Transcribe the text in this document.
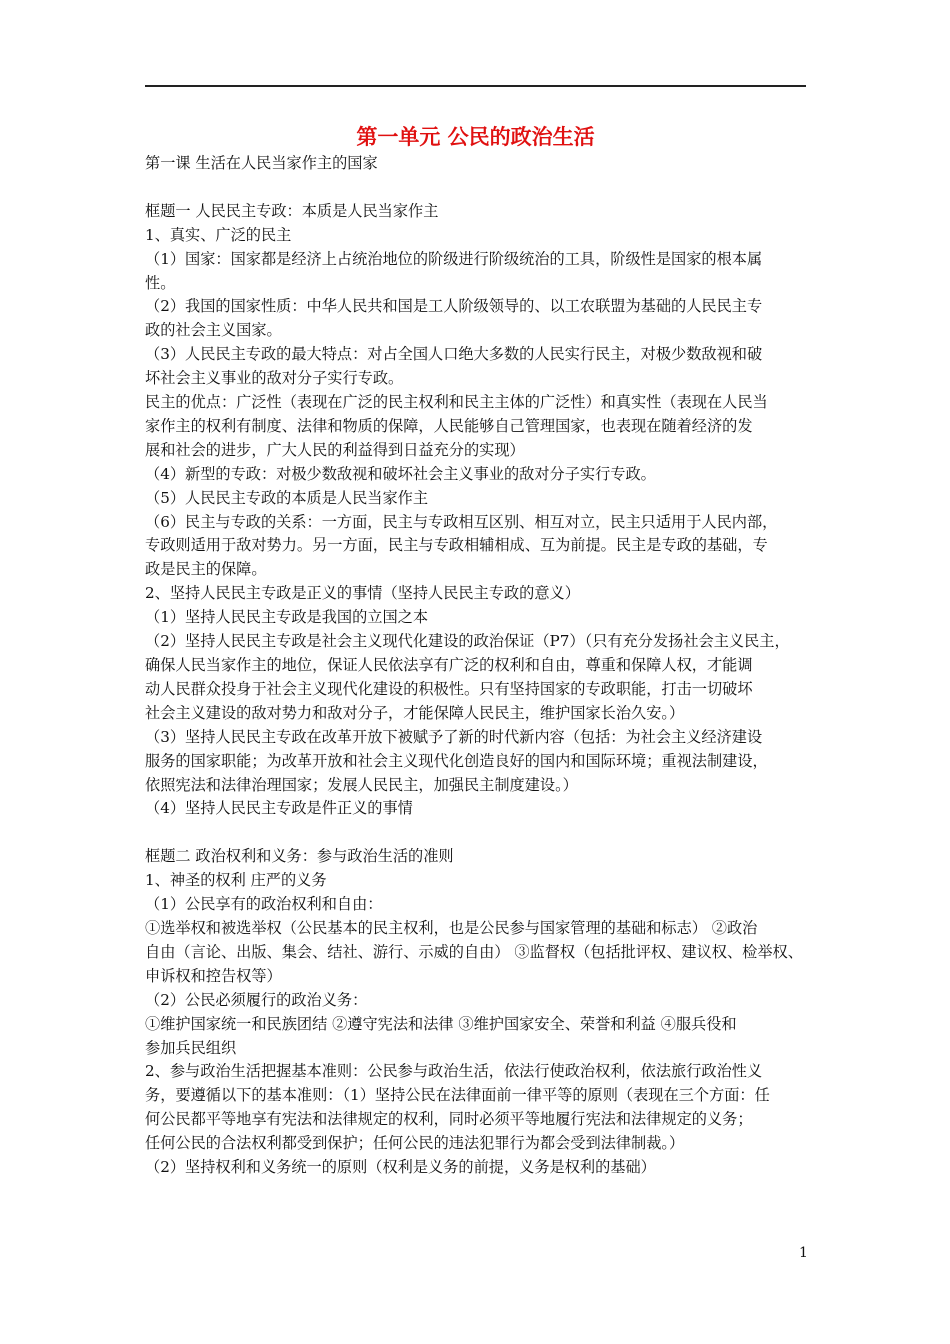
第一单元 公民的政治生活
第一课 生活在人民当家作主的国家
框题一 人民民主专政：本质是人民当家作主
1、真实、广泛的民主
（1）国家：国家都是经济上占统治地位的阶级进行阶级统治的工具，阶级性是国家的根本属
性。
（2）我国的国家性质：中华人民共和国是工人阶级领导的、以工农联盟为基础的人民民主专
政的社会主义国家。
（3）人民民主专政的最大特点：对占全国人口绝大多数的人民实行民主，对极少数敌视和破
坏社会主义事业的敌对分子实行专政。
民主的优点：广泛性（表现在广泛的民主权利和民主主体的广泛性）和真实性（表现在人民当
家作主的权利有制度、法律和物质的保障，人民能够自己管理国家，也表现在随着经济的发
展和社会的进步，广大人民的利益得到日益充分的实现）
（4）新型的专政：对极少数敌视和破坏社会主义事业的敌对分子实行专政。
（5）人民民主专政的本质是人民当家作主
（6）民主与专政的关系：一方面，民主与专政相互区别、相互对立，民主只适用于人民内部，
专政则适用于敌对势力。另一方面，民主与专政相辅相成、互为前提。民主是专政的基础，专
政是民主的保障。
2、坚持人民民主专政是正义的事情（坚持人民民主专政的意义）
（1）坚持人民民主专政是我国的立国之本
（2）坚持人民民主专政是社会主义现代化建设的政治保证（P7）（只有充分发扬社会主义民主，
确保人民当家作主的地位，保证人民依法享有广泛的权利和自由，尊重和保障人权，才能调
动人民群众投身于社会主义现代化建设的积极性。只有坚持国家的专政职能，打击一切破坏
社会主义建设的敌对势力和敌对分子，才能保障人民民主，维护国家长治久安。）
（3）坚持人民民主专政在改革开放下被赋予了新的时代新内容（包括：为社会主义经济建设
服务的国家职能；为改革开放和社会主义现代化创造良好的国内和国际环境；重视法制建设，
依照宪法和法律治理国家；发展人民民主，加强民主制度建设。）
（4）坚持人民民主专政是件正义的事情
框题二 政治权利和义务：参与政治生活的准则
1、神圣的权利 庄严的义务
（1）公民享有的政治权利和自由：
①选举权和被选举权（公民基本的民主权利，也是公民参与国家管理的基础和标志） ②政治
自由（言论、出版、集会、结社、游行、示威的自由） ③监督权（包括批评权、建议权、检举权、
申诉权和控告权等）
（2）公民必须履行的政治义务：
①维护国家统一和民族团结 ②遵守宪法和法律 ③维护国家安全、荣誉和利益 ④服兵役和
参加兵民组织
2、参与政治生活把握基本准则：公民参与政治生活，依法行使政治权利，依法旅行政治性义
务，要遵循以下的基本准则：（1）坚持公民在法律面前一律平等的原则（表现在三个方面：任
何公民都平等地享有宪法和法律规定的权利，同时必须平等地履行宪法和法律规定的义务；
任何公民的合法权利都受到保护；任何公民的违法犯罪行为都会受到法律制裁。）
（2）坚持权利和义务统一的原则（权利是义务的前提，义务是权利的基础）
1
